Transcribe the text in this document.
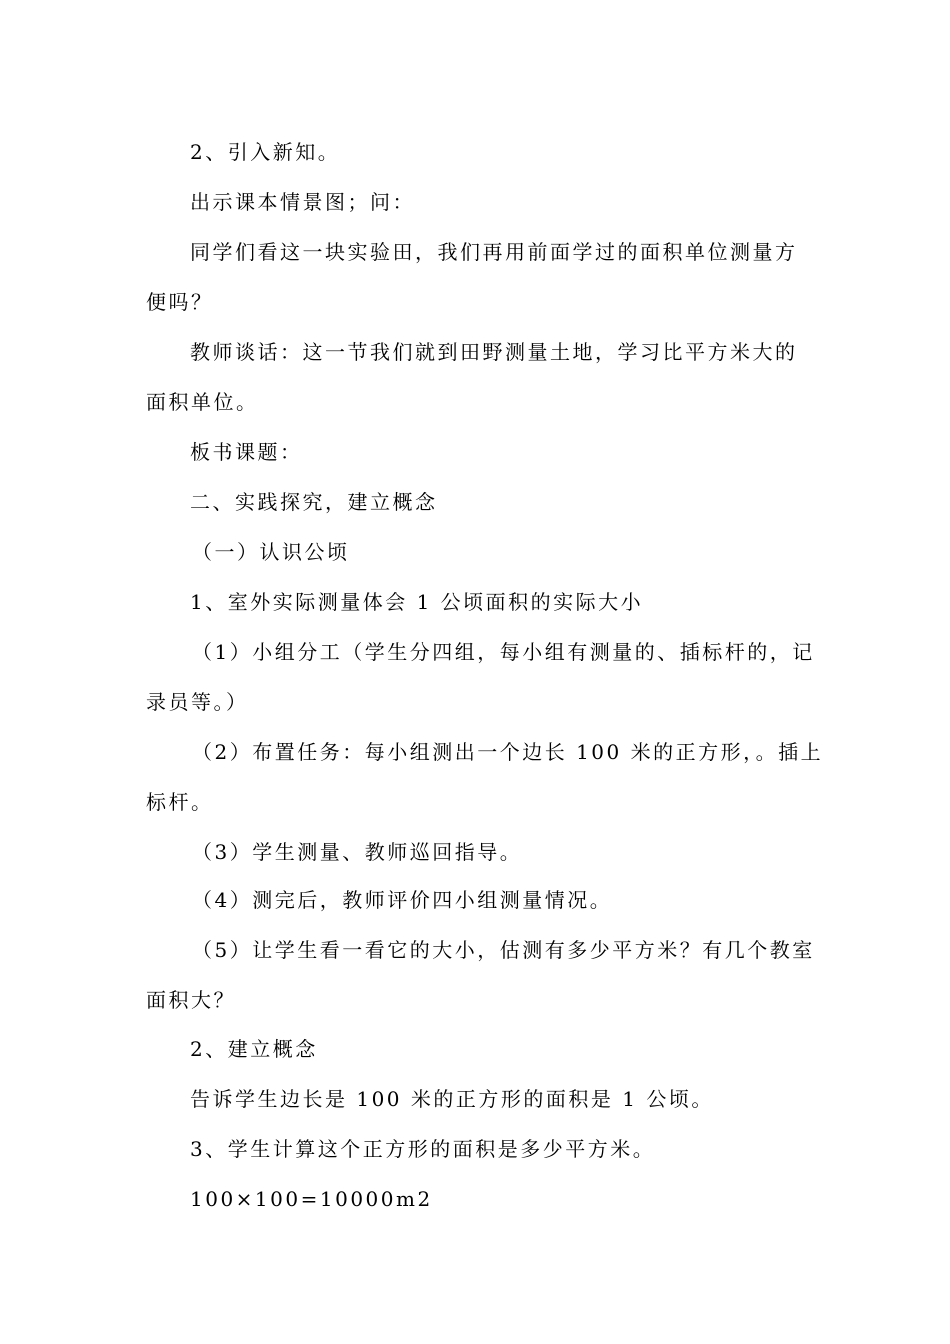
2、引入新知。
出示课本情景图；问：
同学们看这一块实验田，我们再用前面学过的面积单位测量方
便吗？
教师谈话：这一节我们就到田野测量土地，学习比平方米大的
面积单位。
板书课题：
二、实践探究，建立概念
（一）认识公顷
1、室外实际测量体会 1 公顷面积的实际大小
（1）小组分工（学生分四组，每小组有测量的、插标杆的，记
录员等。）
（2）布置任务：每小组测出一个边长 100 米的正方形，。插上
标杆。
（3）学生测量、教师巡回指导。
（4）测完后，教师评价四小组测量情况。
（5）让学生看一看它的大小，估测有多少平方米？有几个教室
面积大？
2、建立概念
告诉学生边长是 100 米的正方形的面积是 1 公顷。
3、学生计算这个正方形的面积是多少平方米。
100×100=10000m2
